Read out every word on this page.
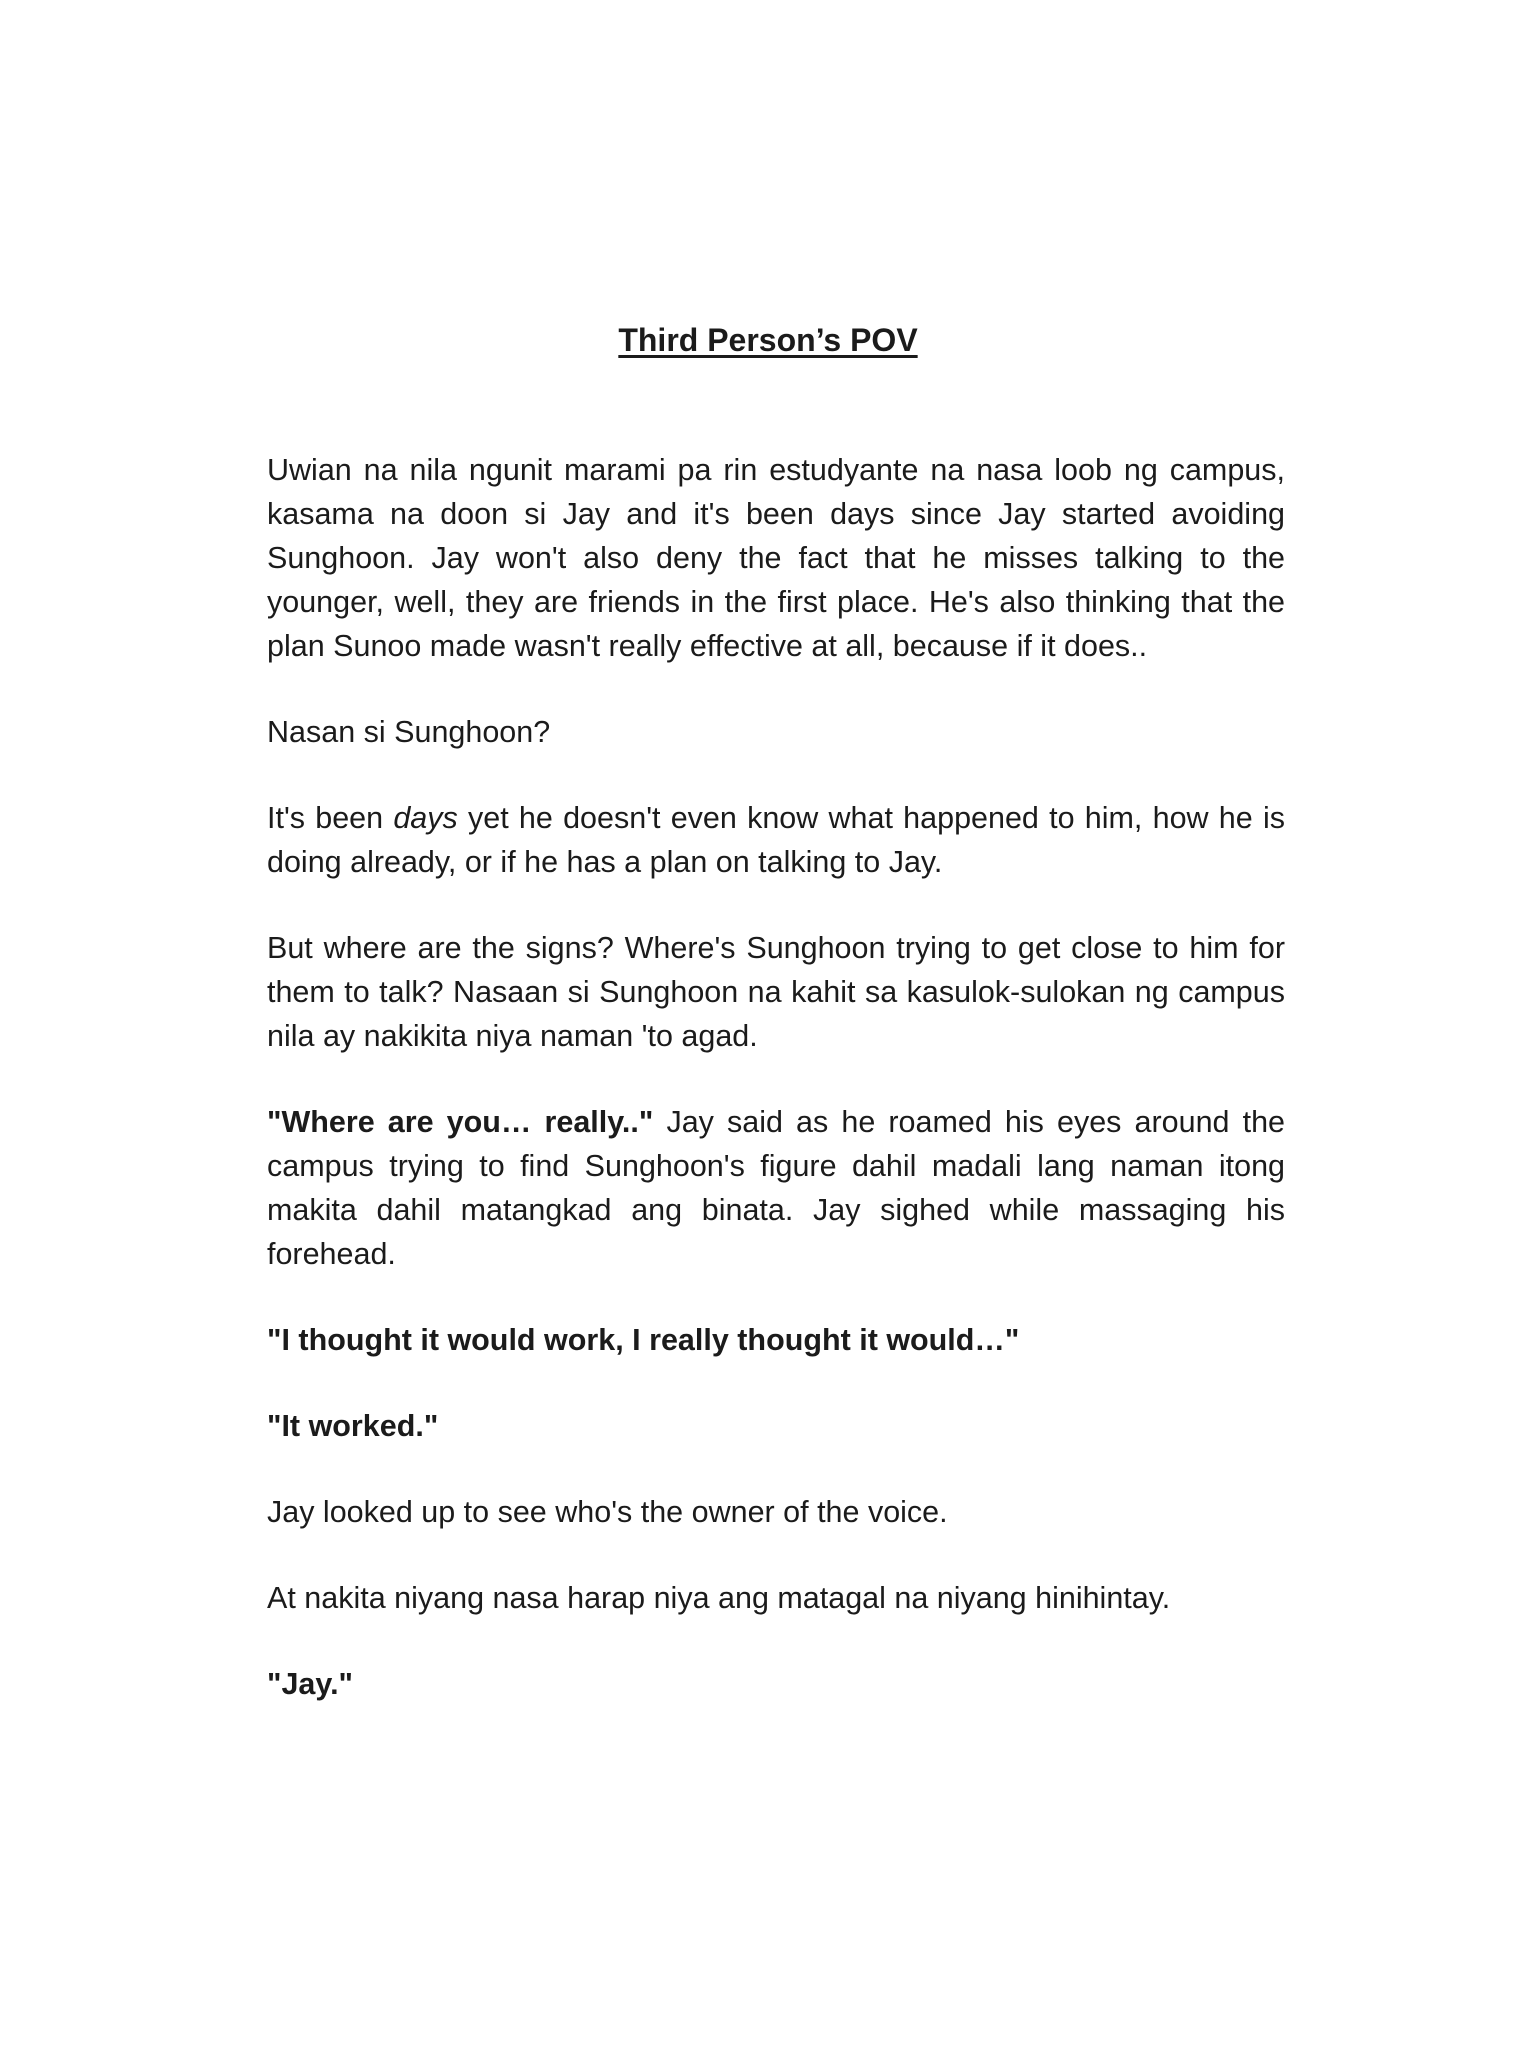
Third Person’s POV

Uwian na nila ngunit marami pa rin estudyante na nasa loob ng campus, kasama na doon si Jay and it's been days since Jay started avoiding Sunghoon. Jay won't also deny the fact that he misses talking to the younger, well, they are friends in the first place. He's also thinking that the plan Sunoo made wasn't really effective at all, because if it does..

Nasan si Sunghoon?

It's been days yet he doesn't even know what happened to him, how he is doing already, or if he has a plan on talking to Jay.

But where are the signs? Where's Sunghoon trying to get close to him for them to talk? Nasaan si Sunghoon na kahit sa kasulok-sulokan ng campus nila ay nakikita niya naman 'to agad.

"Where are you… really.." Jay said as he roamed his eyes around the campus trying to find Sunghoon's figure dahil madali lang naman itong makita dahil matangkad ang binata. Jay sighed while massaging his forehead.

"I thought it would work, I really thought it would…"

"It worked."

Jay looked up to see who's the owner of the voice.

At nakita niyang nasa harap niya ang matagal na niyang hinihintay.

"Jay."
